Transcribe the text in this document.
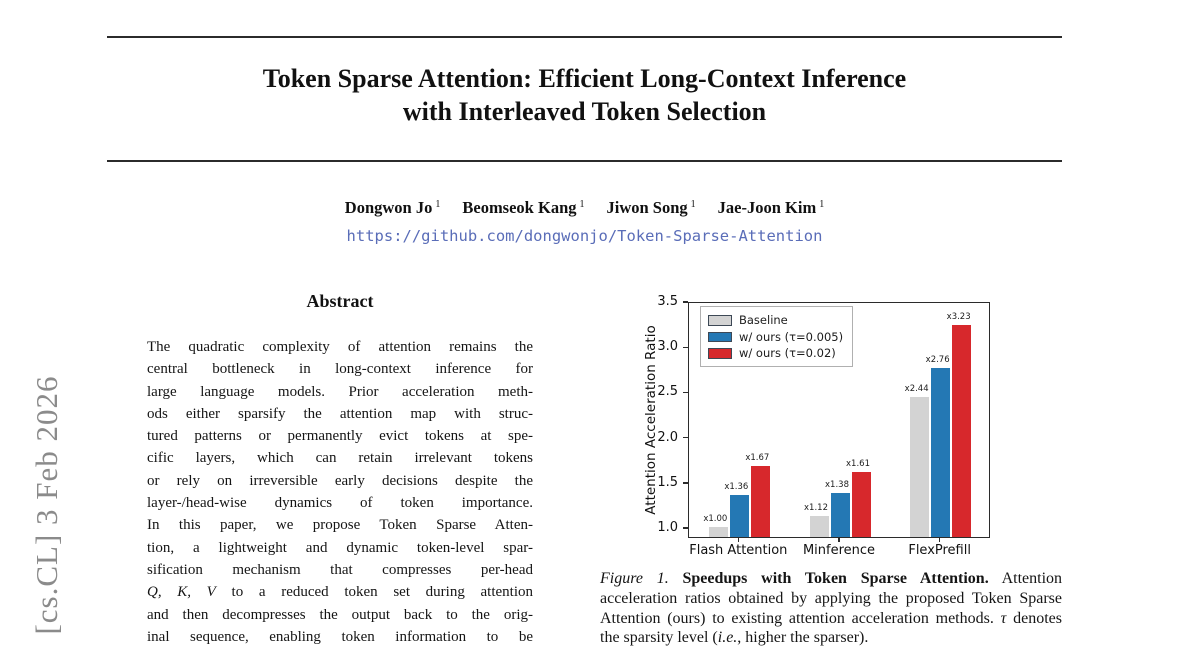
Token Sparse Attention: Efficient Long-Context Inference
with Interleaved Token Selection
Dongwon Jo $^1$ Beomseok Kang $^1$ Jiwon Song $^1$ Jae-Joon Kim $^1$
https://github.com/dongwonjo/Token-Sparse-Attention
[cs.CL] 3 Feb 2026
Abstract
The quadratic complexity of attention remains the
central bottleneck in long-context inference for
large language models. Prior acceleration meth-
ods either sparsify the attention map with struc-
tured patterns or permanently evict tokens at spe-
cific layers, which can retain irrelevant tokens
or rely on irreversible early decisions despite the
layer-/head-wise dynamics of token importance.
In this paper, we propose Token Sparse Atten-
tion, a lightweight and dynamic token-level spar-
sification mechanism that compresses per-head
Q, K, V to a reduced token set during attention
and then decompresses the output back to the orig-
inal sequence, enabling token information to be
Attention Acceleration Ratio
Baseline
w/ ours (τ=0.005)
w/ ours (τ=0.02)
x1.00
x1.12
x2.44
x1.36	x1.38
x2.76
x1.67
x1.61
x3.23
Figure 1. Speedups with Token Sparse Attention. Attention acceleration ratios obtained by applying the proposed Token Sparse Attention (ours) to existing attention acceleration methods. τ denotes the sparsity level (i.e., higher the sparser).
1.0
1.5
2.0
2.5
3.0
3.5
Flash Attention Minference	FlexPrefill
